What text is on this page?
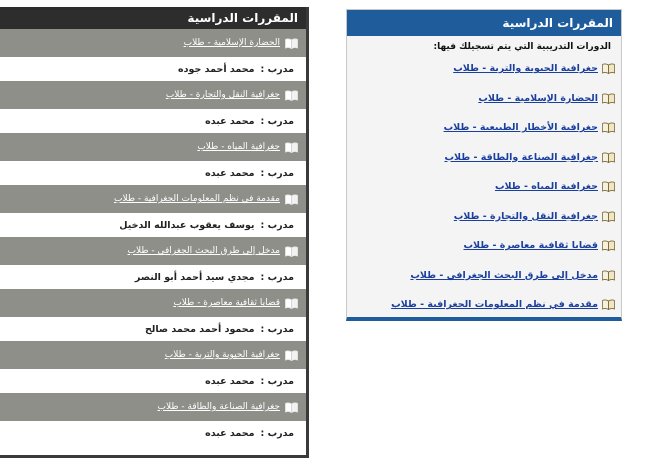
المقررات الدراسية
الحضارة الإسلامية - طلاب
مدرب :
محمد أحمد جوده
جغرافية النقل والتجارة - طلاب
مدرب :
محمد عبده
جغرافية المياه - طلاب
مدرب :
محمد عبده
مقدمة في نظم المعلومات الجغرافية - طلاب
مدرب :
يوسف يعقوب عبدالله الدخيل
مدخل إلى طرق البحث الجغرافي - طلاب
مدرب :
مجدي سيد أحمد أبو النصر
قضايا ثقافية معاصرة - طلاب
مدرب :
محمود أحمد محمد صالح
جغرافية الحيوية والتربة - طلاب
مدرب :
محمد عبده
جغرافية الصناعة والطاقة - طلاب
مدرب :
محمد عبده
المقررات الدراسية
الدورات التدريبية التي يتم تسجيلك فيها:
جغرافية الحيوية والتربة - طلاب
الحضارة الإسلامية - طلاب
جغرافية الأخطار الطبيعية - طلاب
جغرافية الصناعة والطاقة - طلاب
جغرافية المياه - طلاب
جغرافية النقل والتجارة - طلاب
قضايا ثقافية معاصرة - طلاب
مدخل إلى طرق البحث الجغرافي - طلاب
مقدمة في نظم المعلومات الجغرافية - طلاب
